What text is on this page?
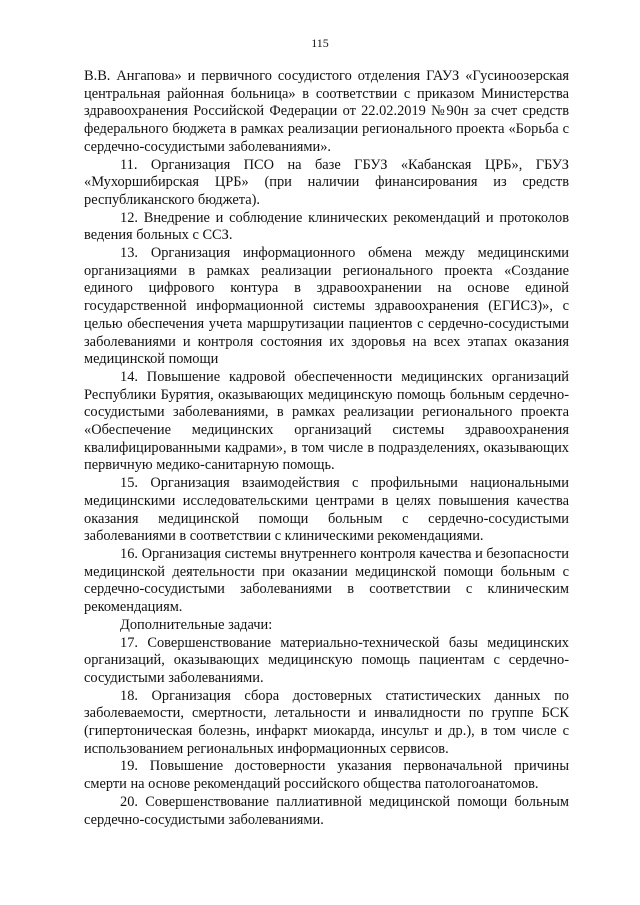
115

В.В. Ангапова» и первичного сосудистого отделения ГАУЗ «Гусиноозерская центральная районная больница» в соответствии с приказом Министерства здравоохранения Российской Федерации от 22.02.2019 №90н за счет средств федерального бюджета в рамках реализации регионального проекта «Борьба с сердечно-сосудистыми заболеваниями».

11. Организация ПСО на базе ГБУЗ «Кабанская ЦРБ», ГБУЗ «Мухоршибирская ЦРБ» (при наличии финансирования из средств республиканского бюджета).

12. Внедрение и соблюдение клинических рекомендаций и протоколов ведения больных с ССЗ.

13. Организация информационного обмена между медицинскими организациями в рамках реализации регионального проекта «Создание единого цифрового контура в здравоохранении на основе единой государственной информационной системы здравоохранения (ЕГИСЗ)», с целью обеспечения учета маршрутизации пациентов с сердечно-сосудистыми заболеваниями и контроля состояния их здоровья на всех этапах оказания медицинской помощи

14. Повышение кадровой обеспеченности медицинских организаций Республики Бурятия, оказывающих медицинскую помощь больным сердечно-сосудистыми заболеваниями, в рамках реализации регионального проекта «Обеспечение медицинских организаций системы здравоохранения квалифицированными кадрами», в том числе в подразделениях, оказывающих первичную медико-санитарную помощь.

15. Организация взаимодействия с профильными национальными медицинскими исследовательскими центрами в целях повышения качества оказания медицинской помощи больным с сердечно-сосудистыми заболеваниями в соответствии с клиническими рекомендациями.

16. Организация системы внутреннего контроля качества и безопасности медицинской деятельности при оказании медицинской помощи больным с сердечно-сосудистыми заболеваниями в соответствии с клиническим рекомендациям.

Дополнительные задачи:

17. Совершенствование материально-технической базы медицинских организаций, оказывающих медицинскую помощь пациентам с сердечно-сосудистыми заболеваниями.

18. Организация сбора достоверных статистических данных по заболеваемости, смертности, летальности и инвалидности по группе БСК (гипертоническая болезнь, инфаркт миокарда, инсульт и др.), в том числе с использованием региональных информационных сервисов.

19. Повышение достоверности указания первоначальной причины смерти на основе рекомендаций российского общества патологоанатомов.

20. Совершенствование паллиативной медицинской помощи больным сердечно-сосудистыми заболеваниями.
